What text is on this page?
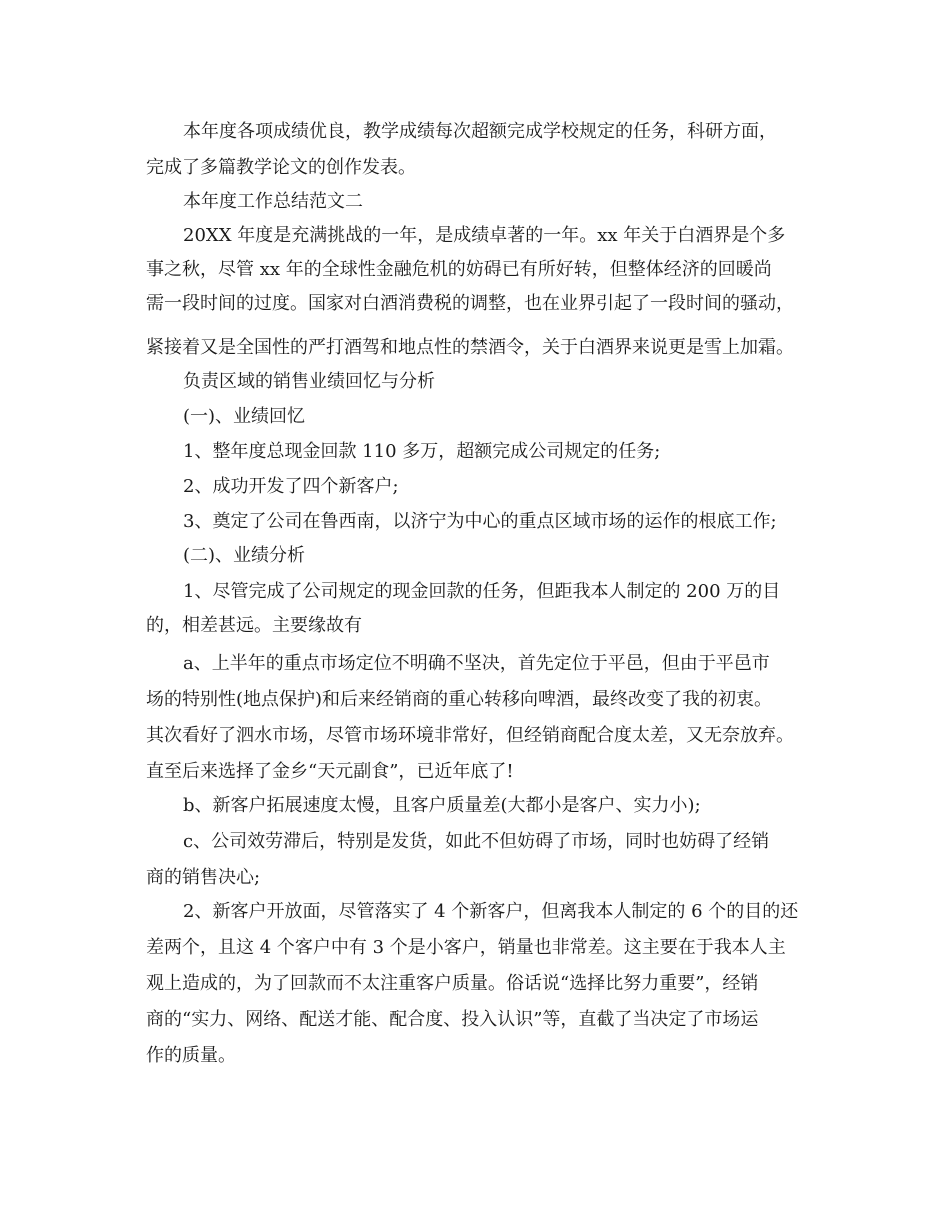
本年度各项成绩优良，教学成绩每次超额完成学校规定的任务，科研方面，
完成了多篇教学论文的创作发表。
本年度工作总结范文二
20XX 年度是充满挑战的一年，是成绩卓著的一年。xx 年关于白酒界是个多
事之秋，尽管 xx 年的全球性金融危机的妨碍已有所好转，但整体经济的回暖尚
需一段时间的过度。国家对白酒消费税的调整，也在业界引起了一段时间的骚动，
紧接着又是全国性的严打酒驾和地点性的禁酒令，关于白酒界来说更是雪上加霜。
负责区域的销售业绩回忆与分析
(一)、业绩回忆
1、整年度总现金回款 110 多万，超额完成公司规定的任务;
2、成功开发了四个新客户;
3、奠定了公司在鲁西南，以济宁为中心的重点区域市场的运作的根底工作;
(二)、业绩分析
1、尽管完成了公司规定的现金回款的任务，但距我本人制定的 200 万的目
的，相差甚远。主要缘故有
a、上半年的重点市场定位不明确不坚决，首先定位于平邑，但由于平邑市
场的特别性(地点保护)和后来经销商的重心转移向啤酒，最终改变了我的初衷。
其次看好了泗水市场，尽管市场环境非常好，但经销商配合度太差，又无奈放弃。
直至后来选择了金乡“天元副食”，已近年底了!
b、新客户拓展速度太慢，且客户质量差(大都小是客户、实力小);
c、公司效劳滞后，特别是发货，如此不但妨碍了市场，同时也妨碍了经销
商的销售决心;
2、新客户开放面，尽管落实了 4 个新客户，但离我本人制定的 6 个的目的还
差两个，且这 4 个客户中有 3 个是小客户，销量也非常差。这主要在于我本人主
观上造成的，为了回款而不太注重客户质量。俗话说“选择比努力重要”，经销
商的“实力、网络、配送才能、配合度、投入认识”等，直截了当决定了市场运
作的质量。
